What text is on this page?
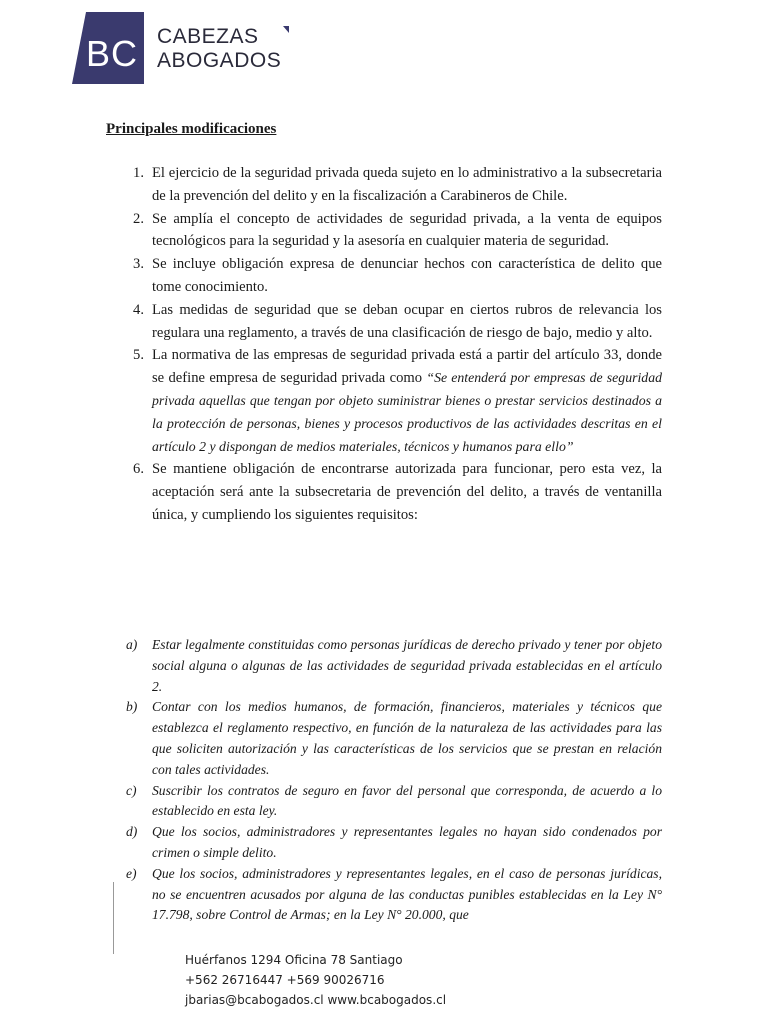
BC CABEZAS
ABOGADOS
Principales modificaciones
1. El ejercicio de la seguridad privada queda sujeto en lo administrativo a la subsecretaria de la prevención del delito y en la fiscalización a Carabineros de Chile.
2. Se amplía el concepto de actividades de seguridad privada, a la venta de equipos tecnológicos para la seguridad y la asesoría en cualquier materia de seguridad.
3. Se incluye obligación expresa de denunciar hechos con característica de delito que tome conocimiento.
4. Las medidas de seguridad que se deban ocupar en ciertos rubros de relevancia los regulara una reglamento, a través de una clasificación de riesgo de bajo, medio y alto.
5. La normativa de las empresas de seguridad privada está a partir del artículo 33, donde se define empresa de seguridad privada como “Se entenderá por empresas de seguridad privada aquellas que tengan por objeto suministrar bienes o prestar servicios destinados a la protección de personas, bienes y procesos productivos de las actividades descritas en el artículo 2 y dispongan de medios materiales, técnicos y humanos para ello”
6. Se mantiene obligación de encontrarse autorizada para funcionar, pero esta vez, la aceptación será ante la subsecretaria de prevención del delito, a través de ventanilla única, y cumpliendo los siguientes requisitos:
a)	Estar legalmente constituidas como personas jurídicas de derecho privado y tener por objeto social alguna o algunas de las actividades de seguridad privada establecidas en el artículo 2.
b)	Contar con los medios humanos, de formación, financieros, materiales y técnicos que establezca el reglamento respectivo, en función de la naturaleza de las actividades para las que soliciten autorización y las características de los servicios que se prestan en relación con tales actividades.
c)	Suscribir los contratos de seguro en favor del personal que corresponda, de acuerdo a lo establecido en esta ley.
d)	Que los socios, administradores y representantes legales no hayan sido condenados por crimen o simple delito.
e)	Que los socios, administradores y representantes legales, en el caso de personas jurídicas, no se encuentren acusados por alguna de las conductas punibles establecidas en la Ley N° 17.798, sobre Control de Armas; en la Ley N° 20.000, que
Huérfanos 1294 Oficina 78 Santiago
+562 26716447 +569 90026716
jbarias@bcabogados.cl www.bcabogados.cl
